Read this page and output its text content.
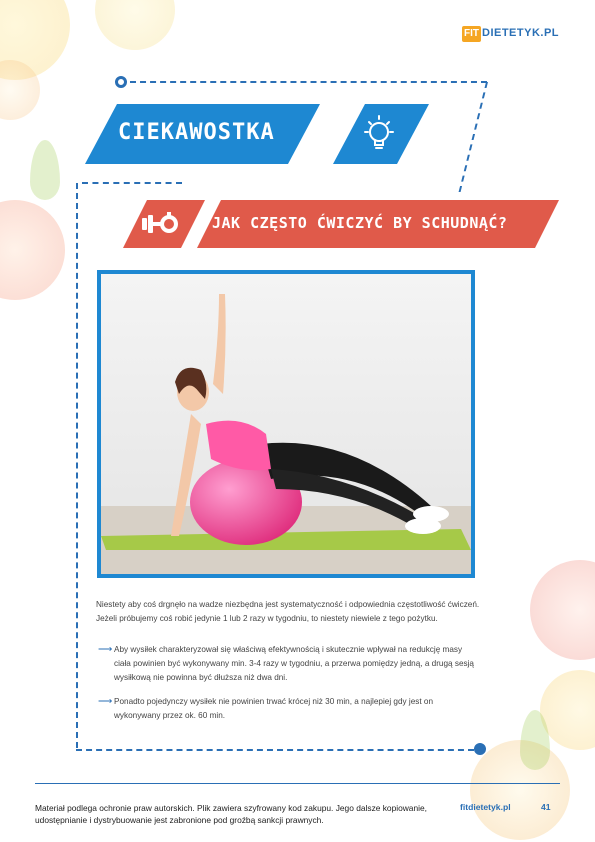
FIT DIETETYK.PL
CIEKAWOSTKA
JAK CZĘSTO ĆWICZYĆ BY SCHUDNĄĆ?
Niestety aby coś drgnęło na wadze niezbędna jest systematyczność i odpowiednia częstotliwość ćwiczeń. Jeżeli próbujemy coś robić jedynie 1 lub 2 razy w tygodniu, to niestety niewiele z tego pożytku.
⟶ Aby wysiłek charakteryzował się właściwą efektywnością i skutecznie wpływał na redukcję masy ciała powinien być wykonywany min. 3-4 razy w tygodniu, a przerwa pomiędzy jedną, a drugą sesją wysiłkową nie powinna być dłuższa niż dwa dni.
⟶ Ponadto pojedynczy wysiłek nie powinien trwać krócej niż 30 min, a najlepiej gdy jest on wykonywany przez ok. 60 min.
Materiał podlega ochronie praw autorskich. Plik zawiera szyfrowany kod zakupu. Jego dalsze kopiowanie, udostępnianie i dystrybuowanie jest zabronione pod groźbą sankcji prawnych.
fitdietetyk.pl	41
